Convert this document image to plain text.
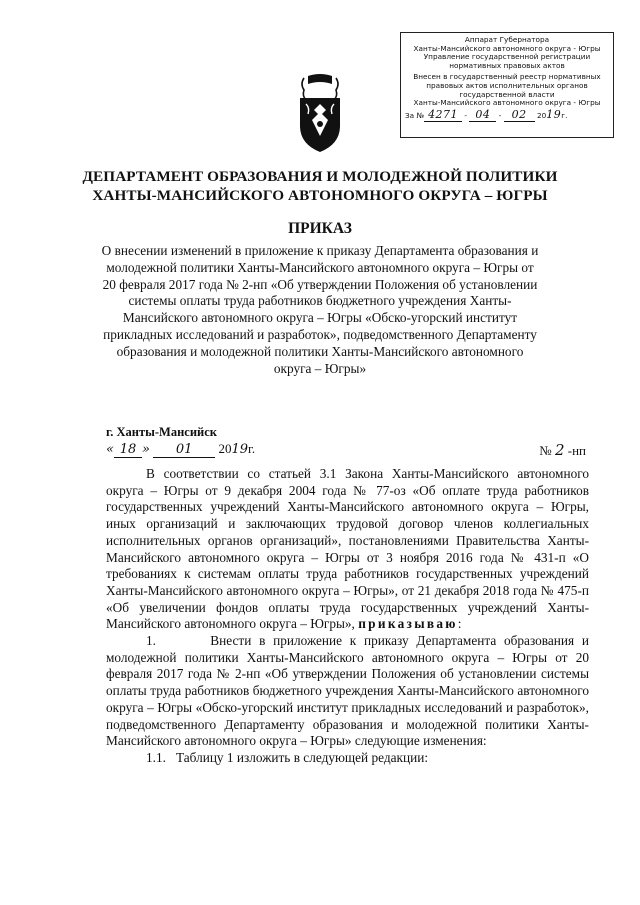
Аппарат Губернатора
Ханты-Мансийского автономного округа - Югры
Управление государственной регистрации
нормативных правовых актов
Внесен в государственный реестр нормативных
правовых актов исполнительных органов
государственной власти
Ханты-Мансийского автономного округа - Югры
За № 4271 - 04 - 02 2019г.
ДЕПАРТАМЕНТ ОБРАЗОВАНИЯ И МОЛОДЕЖНОЙ ПОЛИТИКИ
ХАНТЫ-МАНСИЙСКОГО АВТОНОМНОГО ОКРУГА – ЮГРЫ
ПРИКАЗ
О внесении изменений в приложение к приказу Департамента образования и молодежной политики Ханты-Мансийского автономного округа – Югры от 20 февраля 2017 года № 2-нп «Об утверждении Положения об установлении системы оплаты труда работников бюджетного учреждения Ханты-Мансийского автономного округа – Югры «Обско-угорский институт прикладных исследований и разработок», подведомственного Департаменту образования и молодежной политики Ханты-Мансийского автономного округа – Югры»
г. Ханты-Мансийск
« 18 » 01 2019г.	№ 2 -нп

В соответствии со статьей 3.1 Закона Ханты-Мансийского автономного округа – Югры от 9 декабря 2004 года № 77-оз «Об оплате труда работников государственных учреждений Ханты-Мансийского автономного округа – Югры, иных организаций и заключающих трудовой договор членов коллегиальных исполнительных органов организаций», постановлениями Правительства Ханты-Мансийского автономного округа – Югры от 3 ноября 2016 года № 431-п «О требованиях к системам оплаты труда работников государственных учреждений Ханты-Мансийского автономного округа – Югры», от 21 декабря 2018 года № 475-п «Об увеличении фондов оплаты труда государственных учреждений Ханты-Мансийского автономного округа – Югры», приказываю:

1.	Внести в приложение к приказу Департамента образования и молодежной политики Ханты-Мансийского автономного округа – Югры от 20 февраля 2017 года № 2-нп «Об утверждении Положения об установлении системы оплаты труда работников бюджетного учреждения Ханты-Мансийского автономного округа – Югры «Обско-угорский институт прикладных исследований и разработок», подведомственного Департаменту образования и молодежной политики Ханты-Мансийского автономного округа – Югры» следующие изменения:

1.1. Таблицу 1 изложить в следующей редакции:
